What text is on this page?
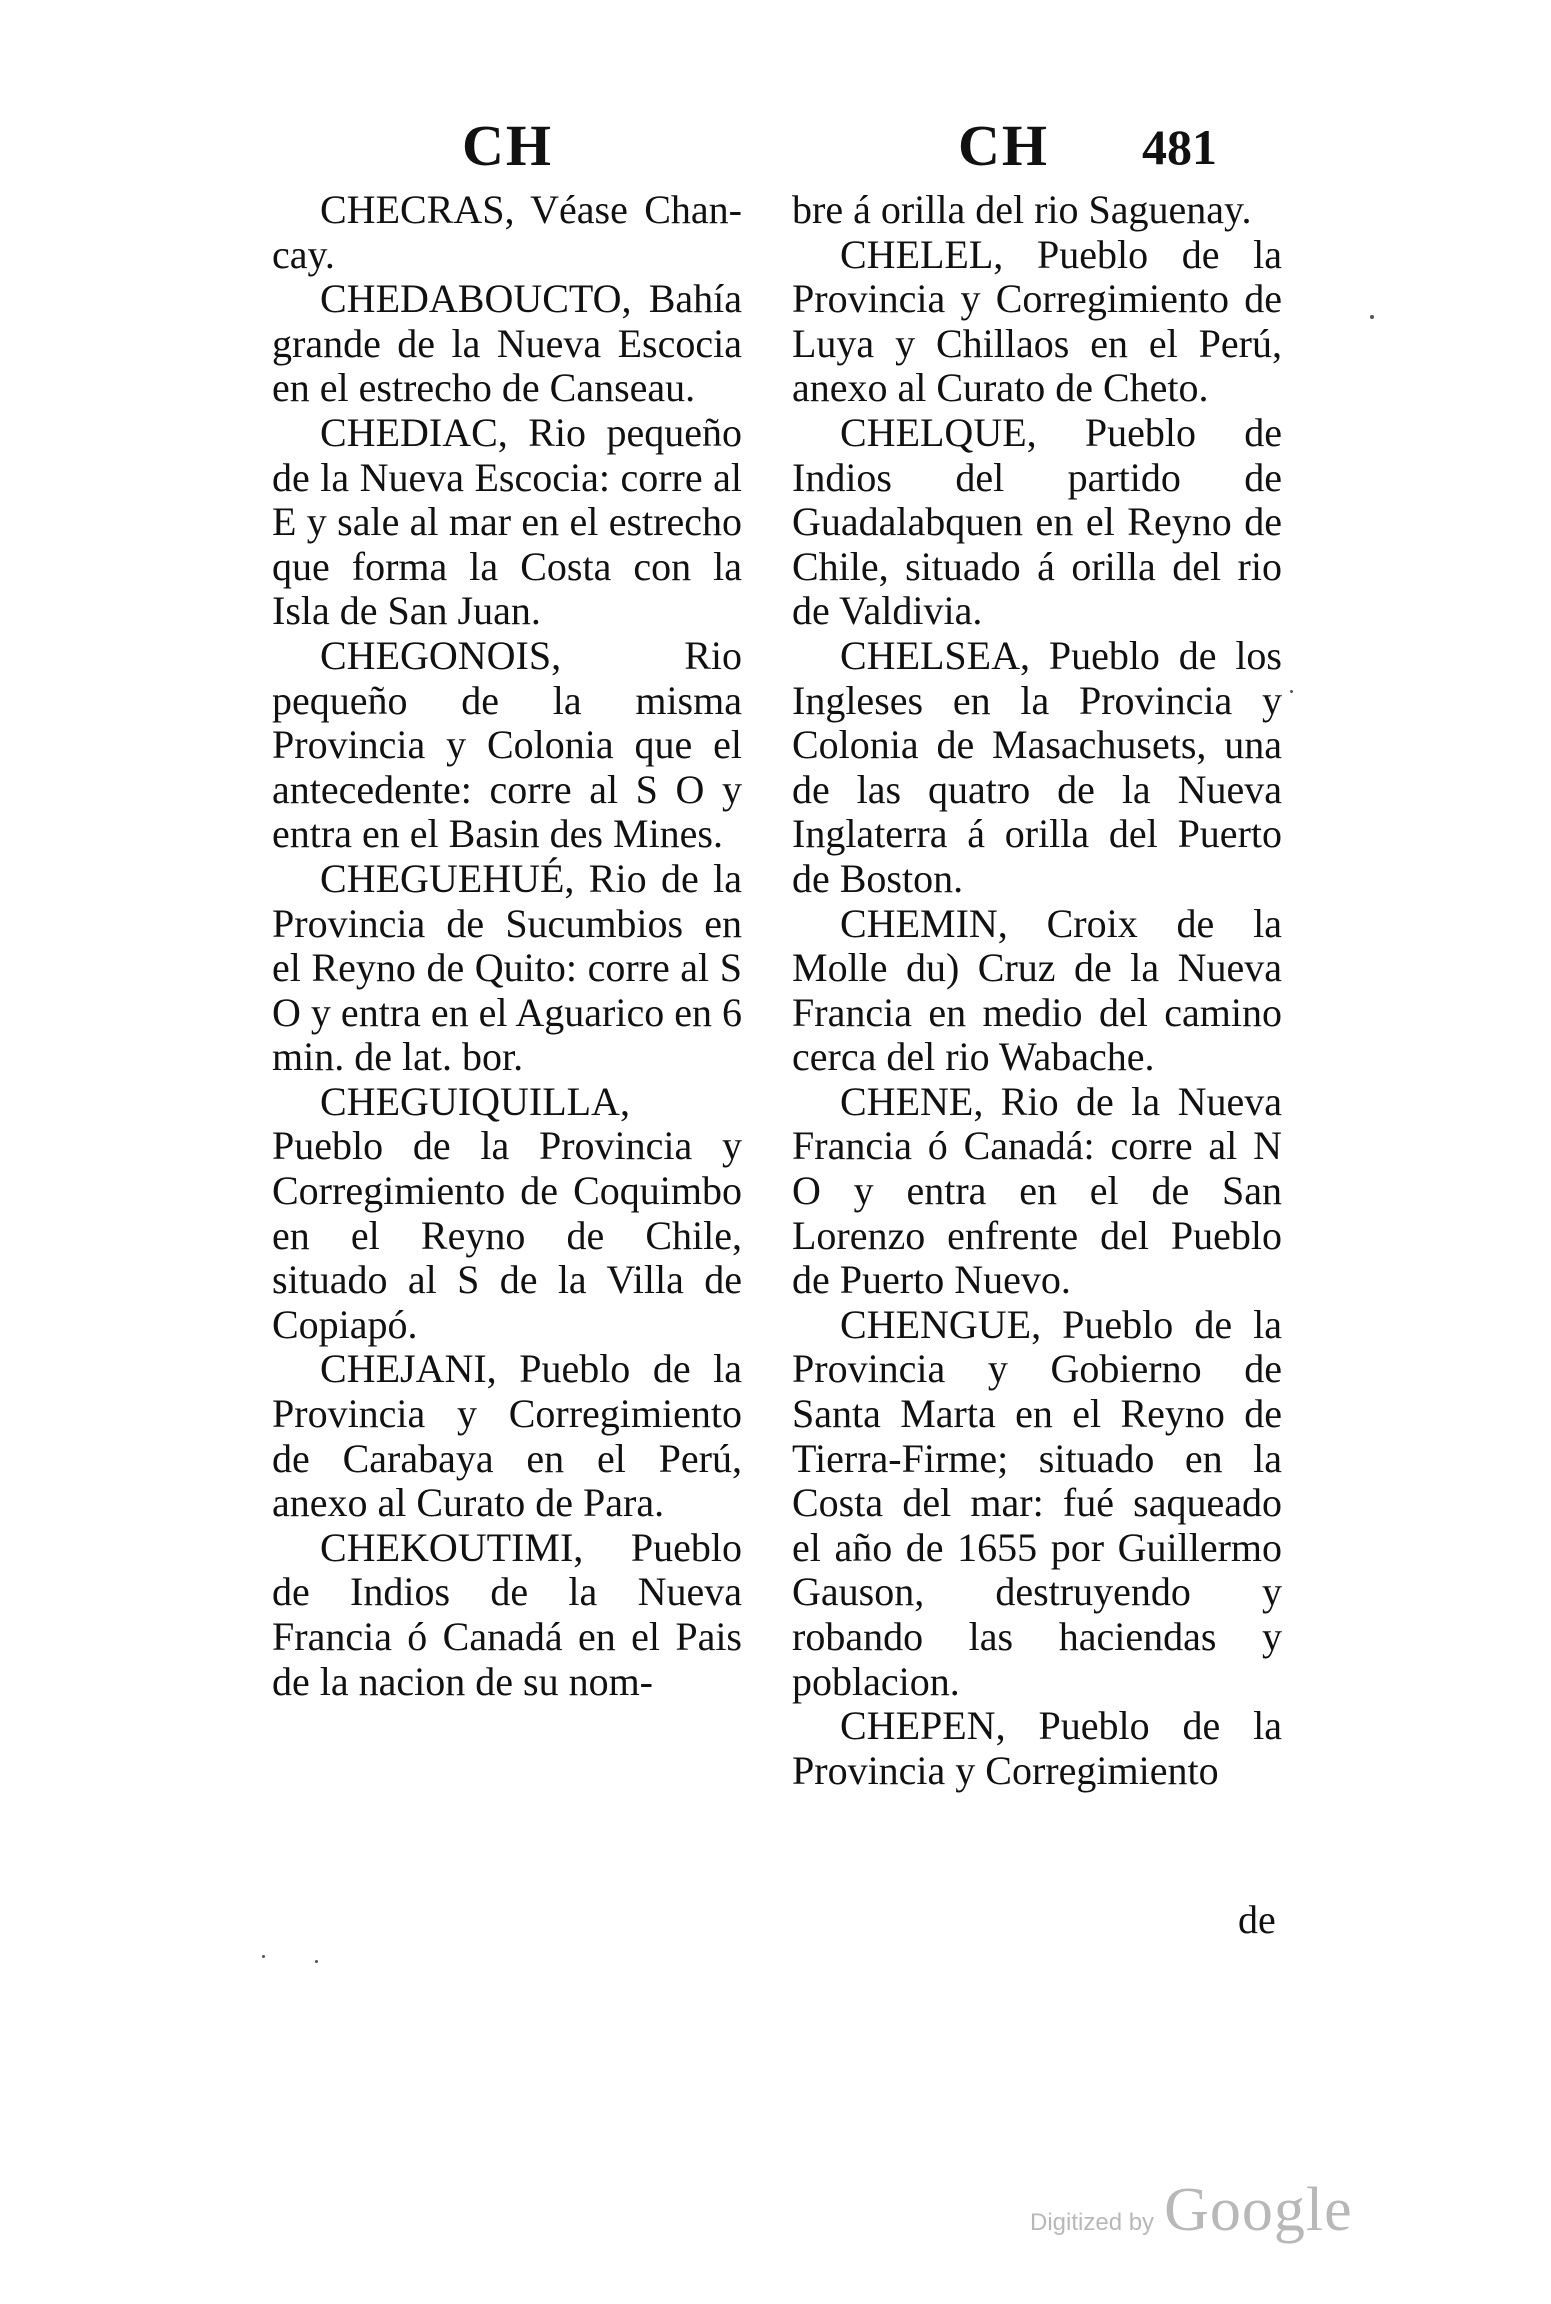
CH	CH 481

CHECRAS, Véase Chan-cay.

CHEDABOUCTO, Bahía grande de la Nueva Escocia en el estrecho de Canseau.

CHEDIAC, Rio pequeño de la Nueva Escocia: corre al E y sale al mar en el estrecho que forma la Costa con la Isla de San Juan.

CHEGONOIS, Rio pequeño de la misma Provincia y Colonia que el antecedente: corre al S O y entra en el Basin des Mines.

CHEGUEHUÉ, Rio de la Provincia de Sucumbios en el Reyno de Quito: corre al S O y entra en el Aguarico en 6 min. de lat. bor.

CHEGUIQUILLA, Pueblo de la Provincia y Corregimiento de Coquimbo en el Reyno de Chile, situado al S de la Villa de Copiapó.

CHEJANI, Pueblo de la Provincia y Corregimiento de Carabaya en el Perú, anexo al Curato de Para.

CHEKOUTIMI, Pueblo de Indios de la Nueva Francia ó Canadá en el Pais de la nacion de su nom-

bre á orilla del rio Saguenay.

CHELEL, Pueblo de la Provincia y Corregimiento de Luya y Chillaos en el Perú, anexo al Curato de Cheto.

CHELQUE, Pueblo de Indios del partido de Guadalabquen en el Reyno de Chile, situado á orilla del rio de Valdivia.

CHELSEA, Pueblo de los Ingleses en la Provincia y Colonia de Masachusets, una de las quatro de la Nueva Inglaterra á orilla del Puerto de Boston.

CHEMIN, Croix de la Molle du) Cruz de la Nueva Francia en medio del camino cerca del rio Wabache.

CHENE, Rio de la Nueva Francia ó Canadá: corre al N O y entra en el de San Lorenzo enfrente del Pueblo de Puerto Nuevo.

CHENGUE, Pueblo de la Provincia y Gobierno de Santa Marta en el Reyno de Tierra-Firme; situado en la Costa del mar: fué saqueado el año de 1655 por Guillermo Gauson, destruyendo y robando las haciendas y poblacion.

CHEPEN, Pueblo de la Provincia y Corregimiento

de
Digitized by Google
